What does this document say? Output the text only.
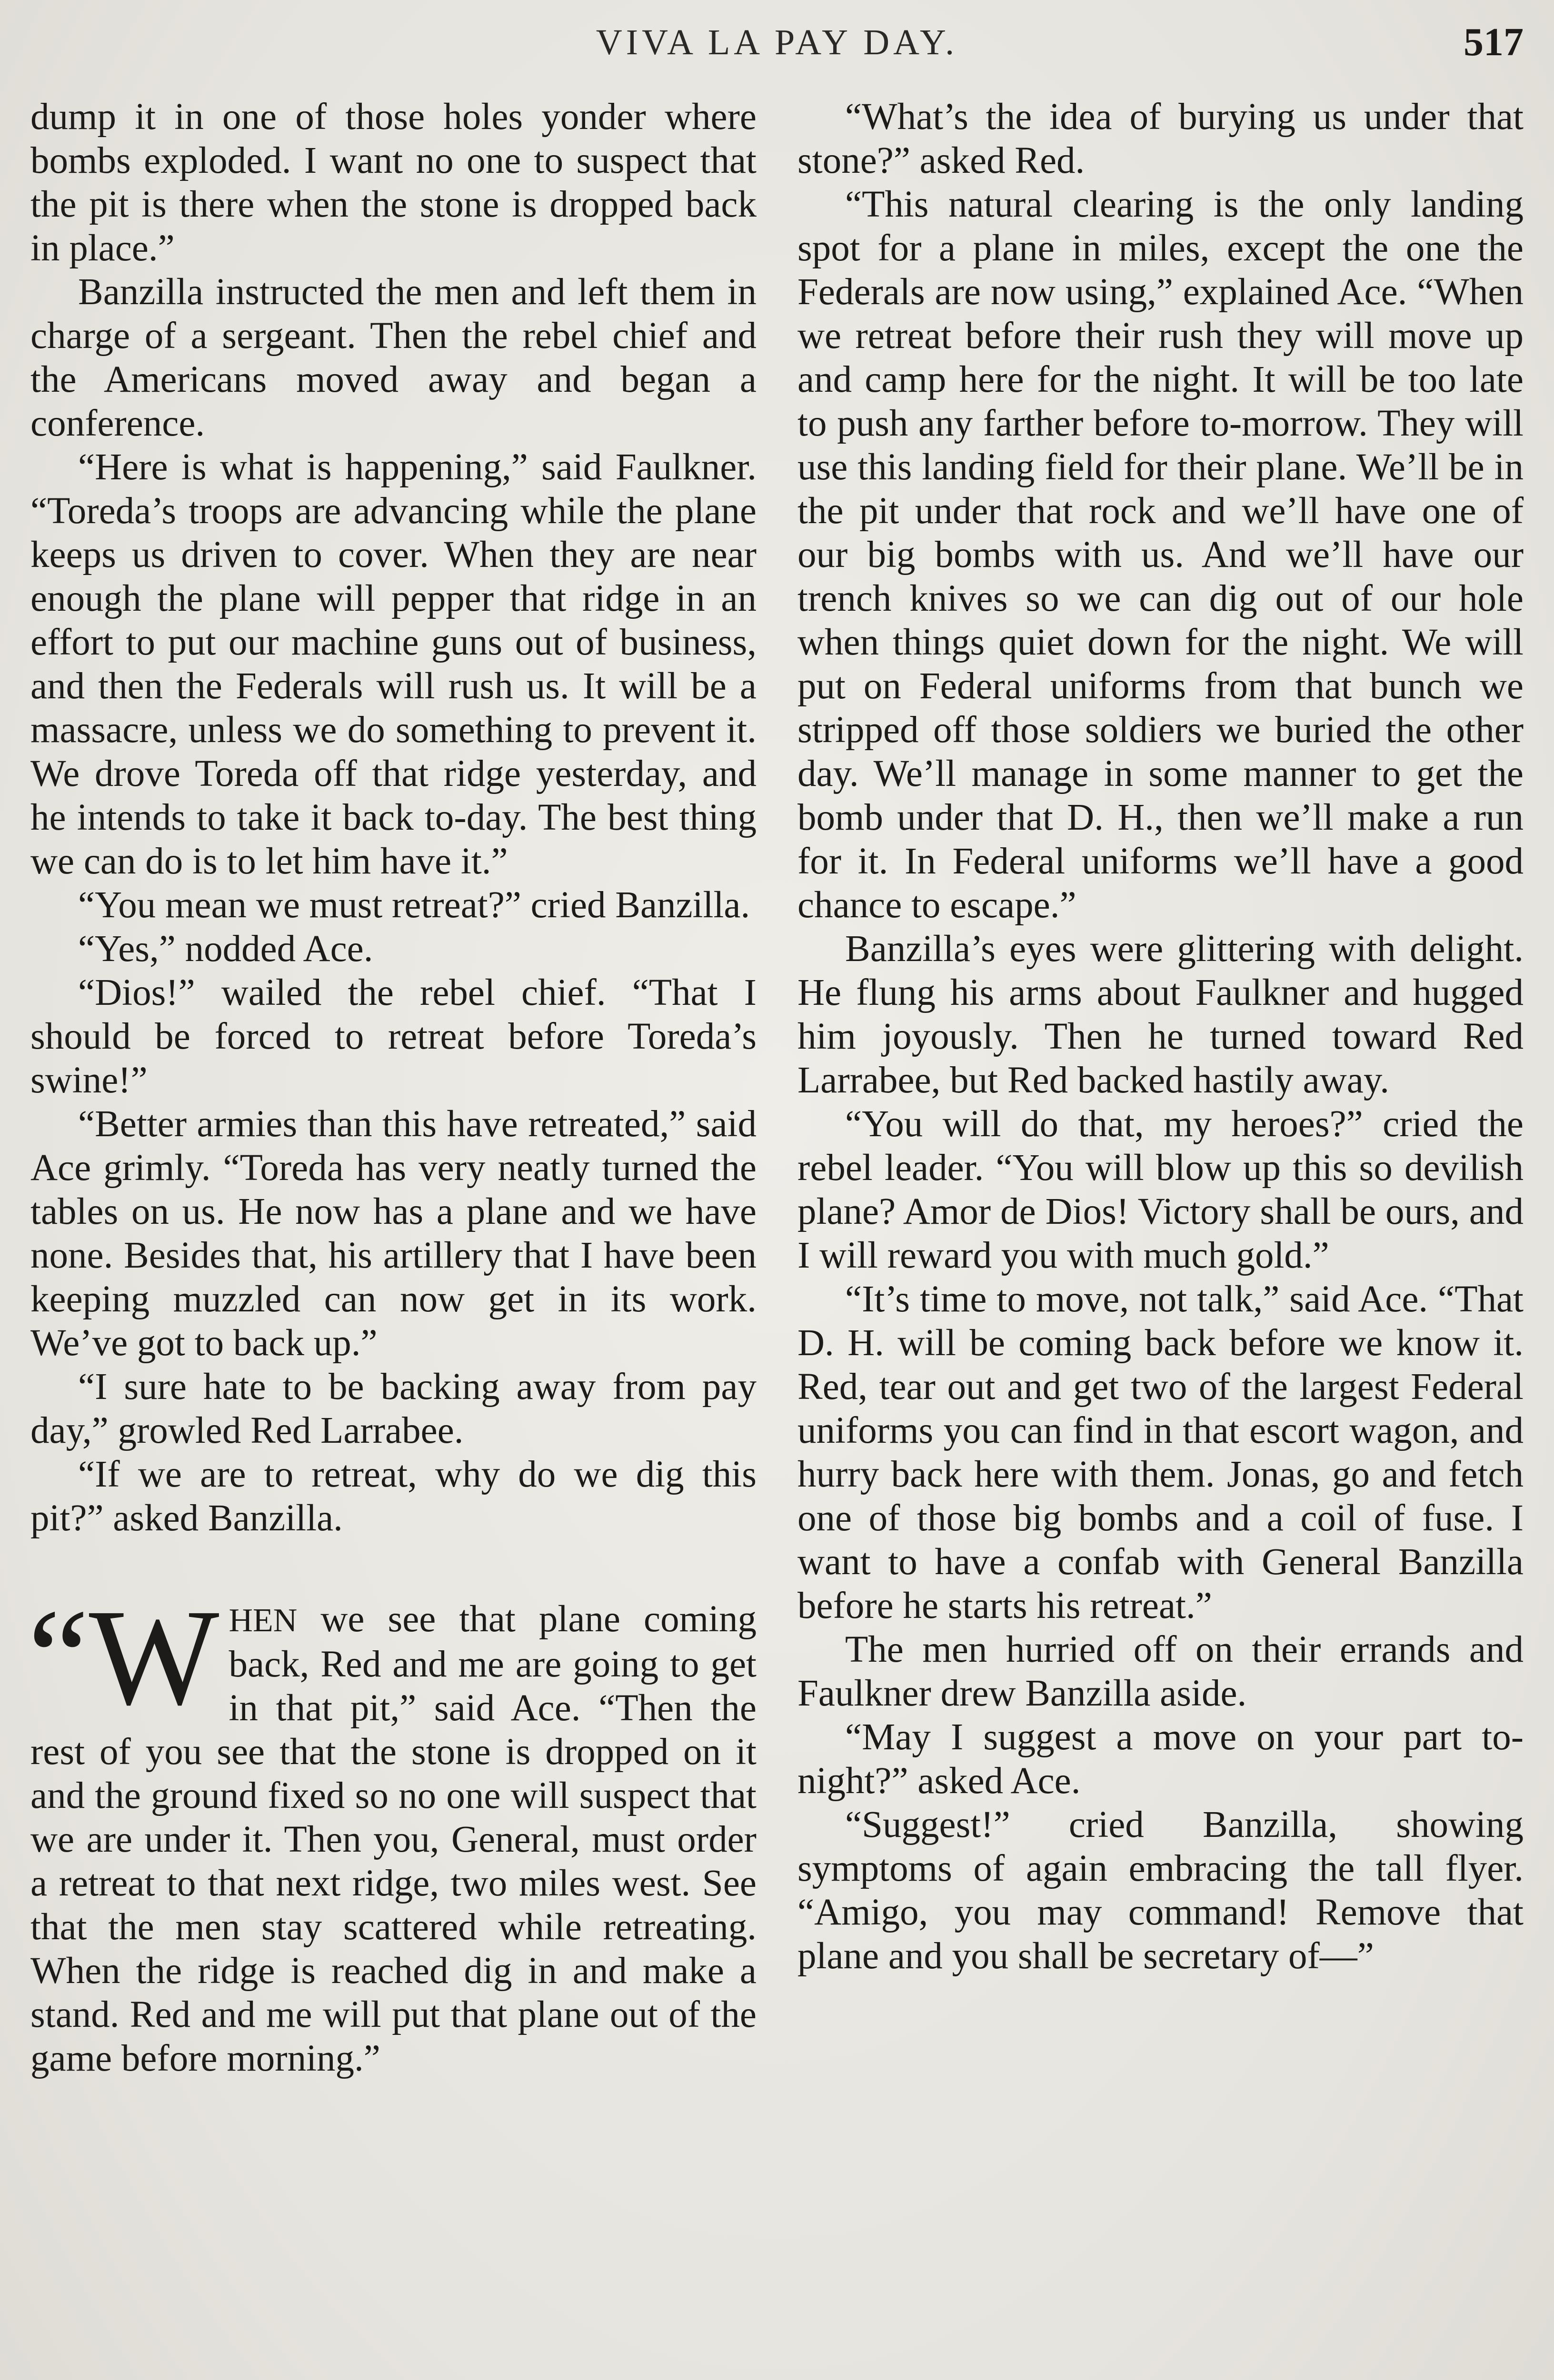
VIVA LA PAY DAY.	517

dump it in one of those holes yonder where bombs exploded. I want no one to suspect that the pit is there when the stone is dropped back in place.”

Banzilla instructed the men and left them in charge of a sergeant. Then the rebel chief and the Americans moved away and began a conference.

“Here is what is happening,” said Faulkner. “Toreda’s troops are advancing while the plane keeps us driven to cover. When they are near enough the plane will pepper that ridge in an effort to put our machine guns out of business, and then the Federals will rush us. It will be a massacre, unless we do something to prevent it. We drove Toreda off that ridge yesterday, and he intends to take it back to-day. The best thing we can do is to let him have it.”

“You mean we must retreat?” cried Banzilla.

“Yes,” nodded Ace.

“Dios!” wailed the rebel chief. “That I should be forced to retreat before Toreda’s swine!”

“Better armies than this have retreated,” said Ace grimly. “Toreda has very neatly turned the tables on us. He now has a plane and we have none. Besides that, his artillery that I have been keeping muzzled can now get in its work. We’ve got to back up.”

“I sure hate to be backing away from pay day,” growled Red Larrabee.

“If we are to retreat, why do we dig this pit?” asked Banzilla.

“W HEN we see that plane coming back, Red and me are going to get in that pit,” said Ace. “Then the rest of you see that the stone is dropped on it and the ground fixed so no one will suspect that we are under it. Then you, General, must order a retreat to that next ridge, two miles west. See that the men stay scattered while retreating. When the ridge is reached dig in and make a stand. Red and me will put that plane out of the game before morning.”

“What’s the idea of burying us under that stone?” asked Red.

“This natural clearing is the only landing spot for a plane in miles, except the one the Federals are now using,” explained Ace. “When we retreat before their rush they will move up and camp here for the night. It will be too late to push any farther before to-morrow. They will use this landing field for their plane. We’ll be in the pit under that rock and we’ll have one of our big bombs with us. And we’ll have our trench knives so we can dig out of our hole when things quiet down for the night. We will put on Federal uniforms from that bunch we stripped off those soldiers we buried the other day. We’ll manage in some manner to get the bomb under that D. H., then we’ll make a run for it. In Federal uniforms we’ll have a good chance to escape.”

Banzilla’s eyes were glittering with delight. He flung his arms about Faulkner and hugged him joyously. Then he turned toward Red Larrabee, but Red backed hastily away.

“You will do that, my heroes?” cried the rebel leader. “You will blow up this so devilish plane? Amor de Dios! Victory shall be ours, and I will reward you with much gold.”

“It’s time to move, not talk,” said Ace. “That D. H. will be coming back before we know it. Red, tear out and get two of the largest Federal uniforms you can find in that escort wagon, and hurry back here with them. Jonas, go and fetch one of those big bombs and a coil of fuse. I want to have a confab with General Banzilla before he starts his retreat.”

The men hurried off on their errands and Faulkner drew Banzilla aside.

“May I suggest a move on your part to-night?” asked Ace.

“Suggest!” cried Banzilla, showing symptoms of again embracing the tall flyer. “Amigo, you may command! Remove that plane and you shall be secretary of—”
